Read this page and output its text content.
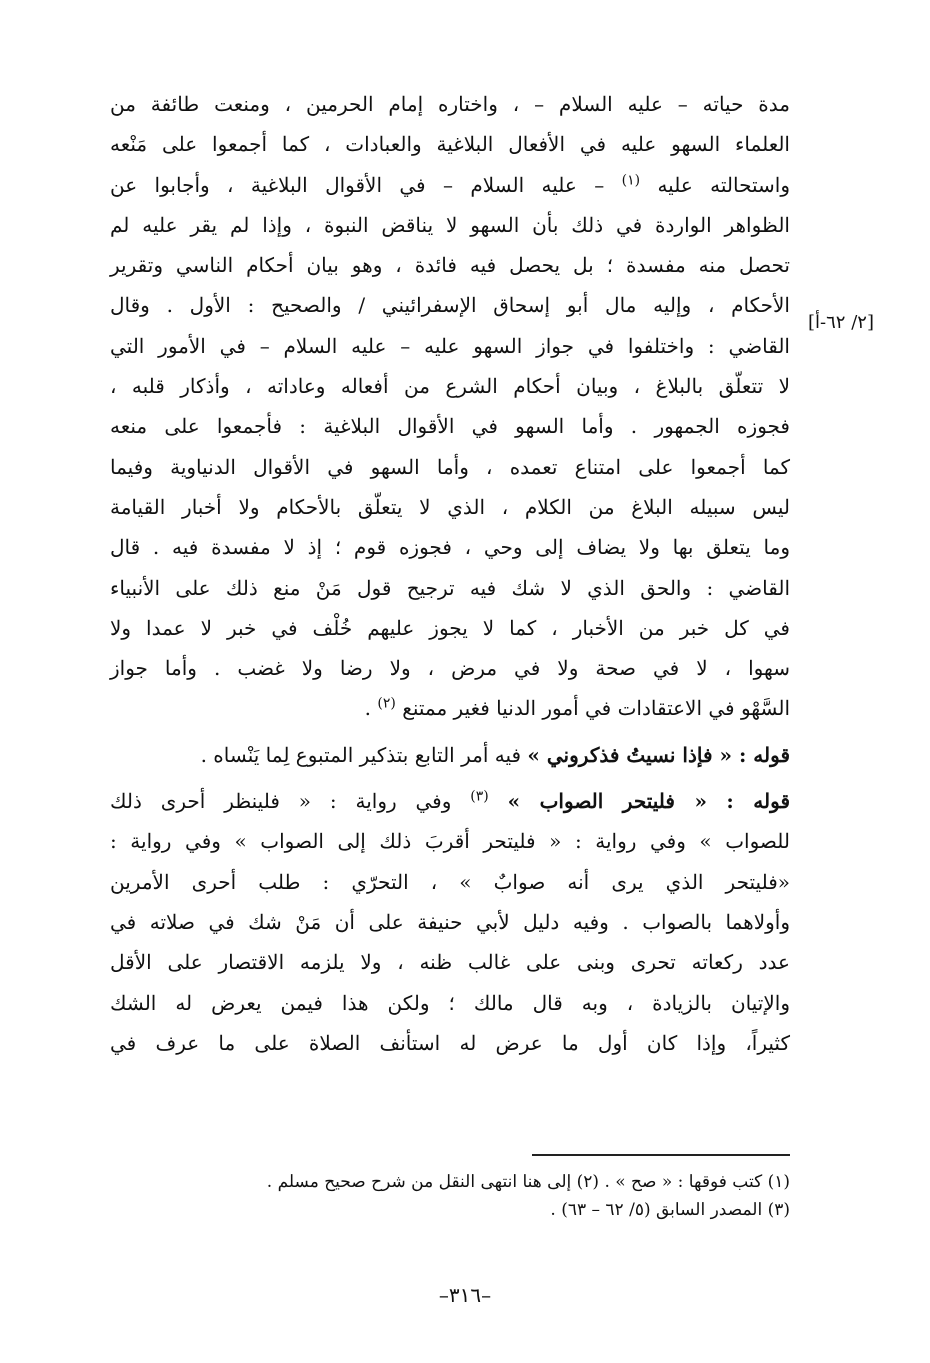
[٢/ ٦٢-أ]

مدة حياته – عليه السلام – ، واختاره إمام الحرمين ، ومنعت طائفة من
العلماء السهو عليه في الأفعال البلاغية والعبادات ، كما أجمعوا على مَنْعه
واستحالته عليه $^{(١)}$ – عليه السلام – في الأقوال البلاغية ، وأجابوا عن
الظواهر الواردة في ذلك بأن السهو لا يناقض النبوة ، وإذا لم يقر عليه لم
تحصل منه مفسدة ؛ بل يحصل فيه فائدة ، وهو بيان أحكام الناسي وتقرير
الأحكام ، وإليه مال أبو إسحاق الإسفرائيني / والصحيح : الأول . وقال
القاضي : واختلفوا في جواز السهو عليه – عليه السلام – في الأمور التي
لا تتعلّق بالبلاغ ، وبيان أحكام الشرع من أفعاله وعاداته ، وأذكار قلبه ،
فجوزه الجمهور . وأما السهو في الأقوال البلاغية : فأجمعوا على منعه
كما أجمعوا على امتناع تعمده ، وأما السهو في الأقوال الدنياوية وفيما
ليس سبيله البلاغ من الكلام ، الذي لا يتعلّق بالأحكام ولا أخبار القيامة
وما يتعلق بها ولا يضاف إلى وحي ، فجوزه قوم ؛ إذ لا مفسدة فيه . قال
القاضي : والحق الذي لا شك فيه ترجيح قول مَنْ منع ذلك على الأنبياء
في كل خبر من الأخبار ، كما لا يجوز عليهم خُلْف في خبر لا عمدا ولا
سهوا ، لا في صحة ولا في مرض ، ولا رضا ولا غضب . وأما جواز
السَّهْو في الاعتقادات في أمور الدنيا فغير ممتنع $^{(٢)}$ .

قوله : « فإذا نسيتُ فذكروني » فيه أمر التابع بتذكير المتبوع لِما يَنْساه .

قوله : « فليتحر الصواب » $^{(٣)}$ وفي رواية : « فلينظر أحرى ذلك
للصواب » وفي رواية : « فليتحر أقربَ ذلك إلى الصواب » وفي رواية :
«فليتحر الذي يرى أنه صوابٌ » ، التحرّي : طلب أحرى الأمرين
وأولاهما بالصواب . وفيه دليل لأبي حنيفة على أن مَنْ شك في صلاته في
عدد ركعاته تحرى وبنى على غالب ظنه ، ولا يلزمه الاقتصار على الأقل
والإتيان بالزيادة ، وبه قال مالك ؛ ولكن هذا فيمن يعرض له الشك
كثيراً، وإذا كان أول ما عرض له استأنف الصلاة على ما عرف في

(١) كتب فوقها : « صح » . (٢) إلى هنا انتهى النقل من شرح صحيح مسلم .
(٣) المصدر السابق (٥/ ٦٢ – ٦٣) .
–٣١٦–
